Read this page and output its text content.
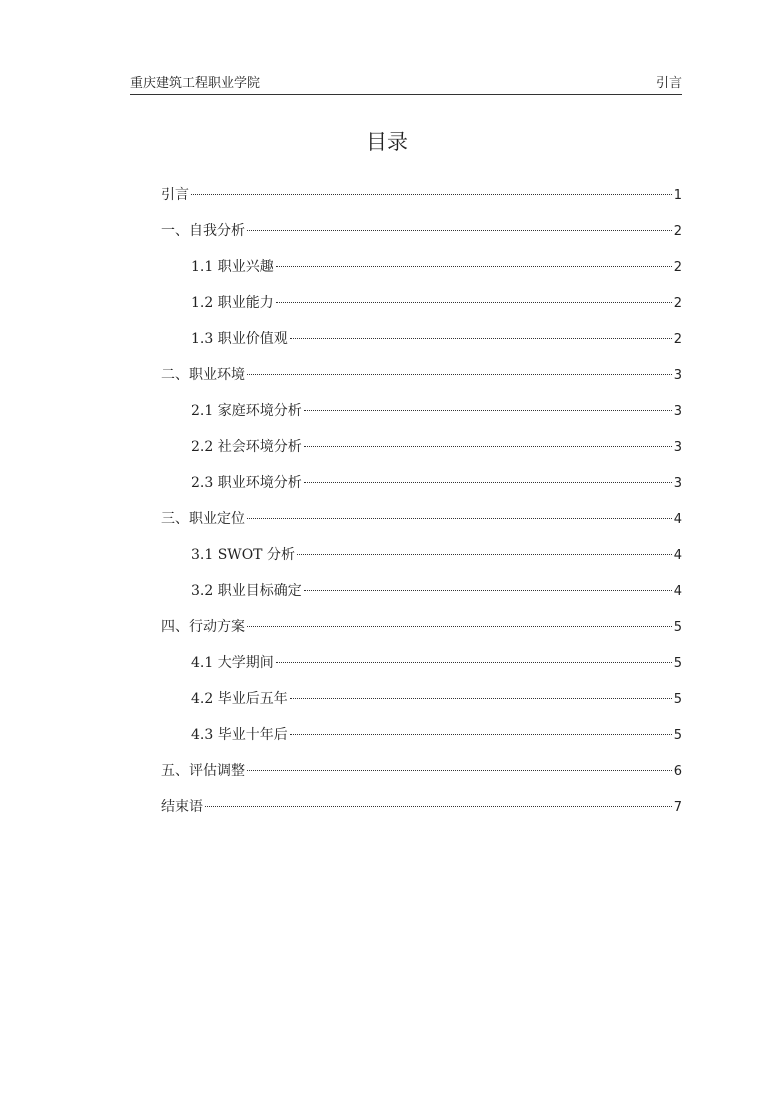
重庆建筑工程职业学院	引言
目录
引言	1
一、自我分析	2
1.1 职业兴趣	2
1.2 职业能力	2
1.3 职业价值观	2
二、职业环境	3
2.1 家庭环境分析	3
2.2 社会环境分析	3
2.3 职业环境分析	3
三、职业定位	4
3.1 SWOT 分析	4
3.2 职业目标确定	4
四、行动方案	5
4.1 大学期间	5
4.2 毕业后五年	5
4.3 毕业十年后	5
五、评估调整	6
结束语	7
